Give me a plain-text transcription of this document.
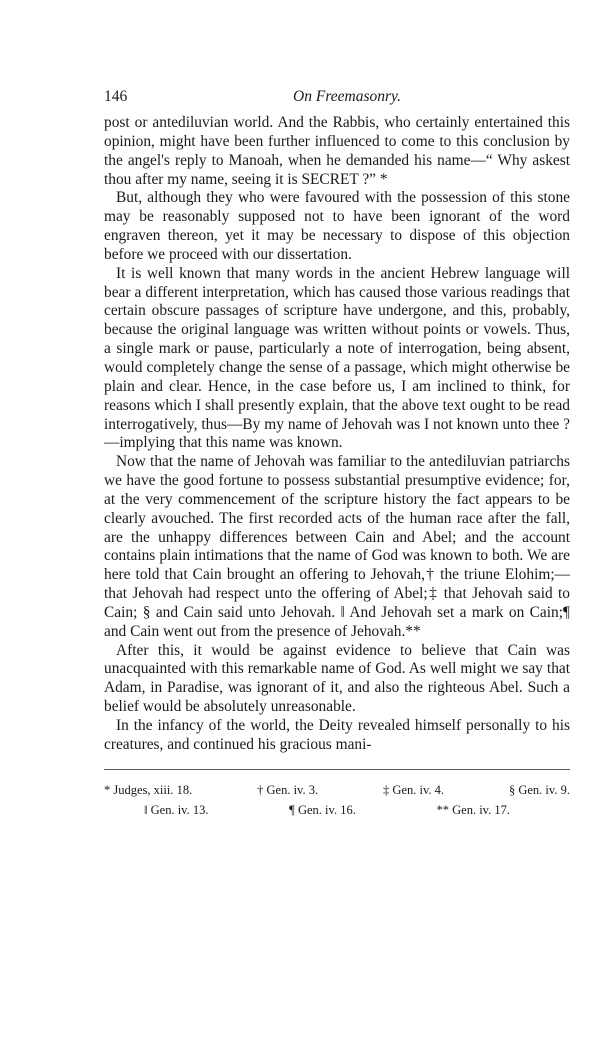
146	On Freemasonry.

post or antediluvian world. And the Rabbis, who certainly entertained this opinion, might have been further influenced to come to this conclusion by the angel's reply to Manoah, when he demanded his name—“ Why askest thou after my name, seeing it is SECRET ?” *

But, although they who were favoured with the possession of this stone may be reasonably supposed not to have been ignorant of the word engraven thereon, yet it may be necessary to dispose of this objection before we proceed with our dissertation.

It is well known that many words in the ancient Hebrew language will bear a different interpretation, which has caused those various readings that certain obscure passages of scripture have undergone, and this, probably, because the original language was written without points or vowels. Thus, a single mark or pause, particularly a note of interrogation, being absent, would completely change the sense of a passage, which might otherwise be plain and clear. Hence, in the case before us, I am inclined to think, for reasons which I shall presently explain, that the above text ought to be read interrogatively, thus—By my name of Jehovah was I not known unto thee ?—implying that this name was known.

Now that the name of Jehovah was familiar to the antediluvian patriarchs we have the good fortune to possess substantial presumptive evidence; for, at the very commencement of the scripture history the fact appears to be clearly avouched. The first recorded acts of the human race after the fall, are the unhappy differences between Cain and Abel; and the account contains plain intimations that the name of God was known to both. We are here told that Cain brought an offering to Jehovah,† the triune Elohim;—that Jehovah had respect unto the offering of Abel;‡ that Jehovah said to Cain; § and Cain said unto Jehovah. ‖ And Jehovah set a mark on Cain;¶ and Cain went out from the presence of Jehovah.**

After this, it would be against evidence to believe that Cain was unacquainted with this remarkable name of God. As well might we say that Adam, in Paradise, was ignorant of it, and also the righteous Abel. Such a belief would be absolutely unreasonable.

In the infancy of the world, the Deity revealed himself personally to his creatures, and continued his gracious mani-

* Judges, xiii. 18.	† Gen. iv. 3.	‡ Gen. iv. 4.	§ Gen. iv. 9.
‖ Gen. iv. 13.	¶ Gen. iv. 16.	** Gen. iv. 17.
